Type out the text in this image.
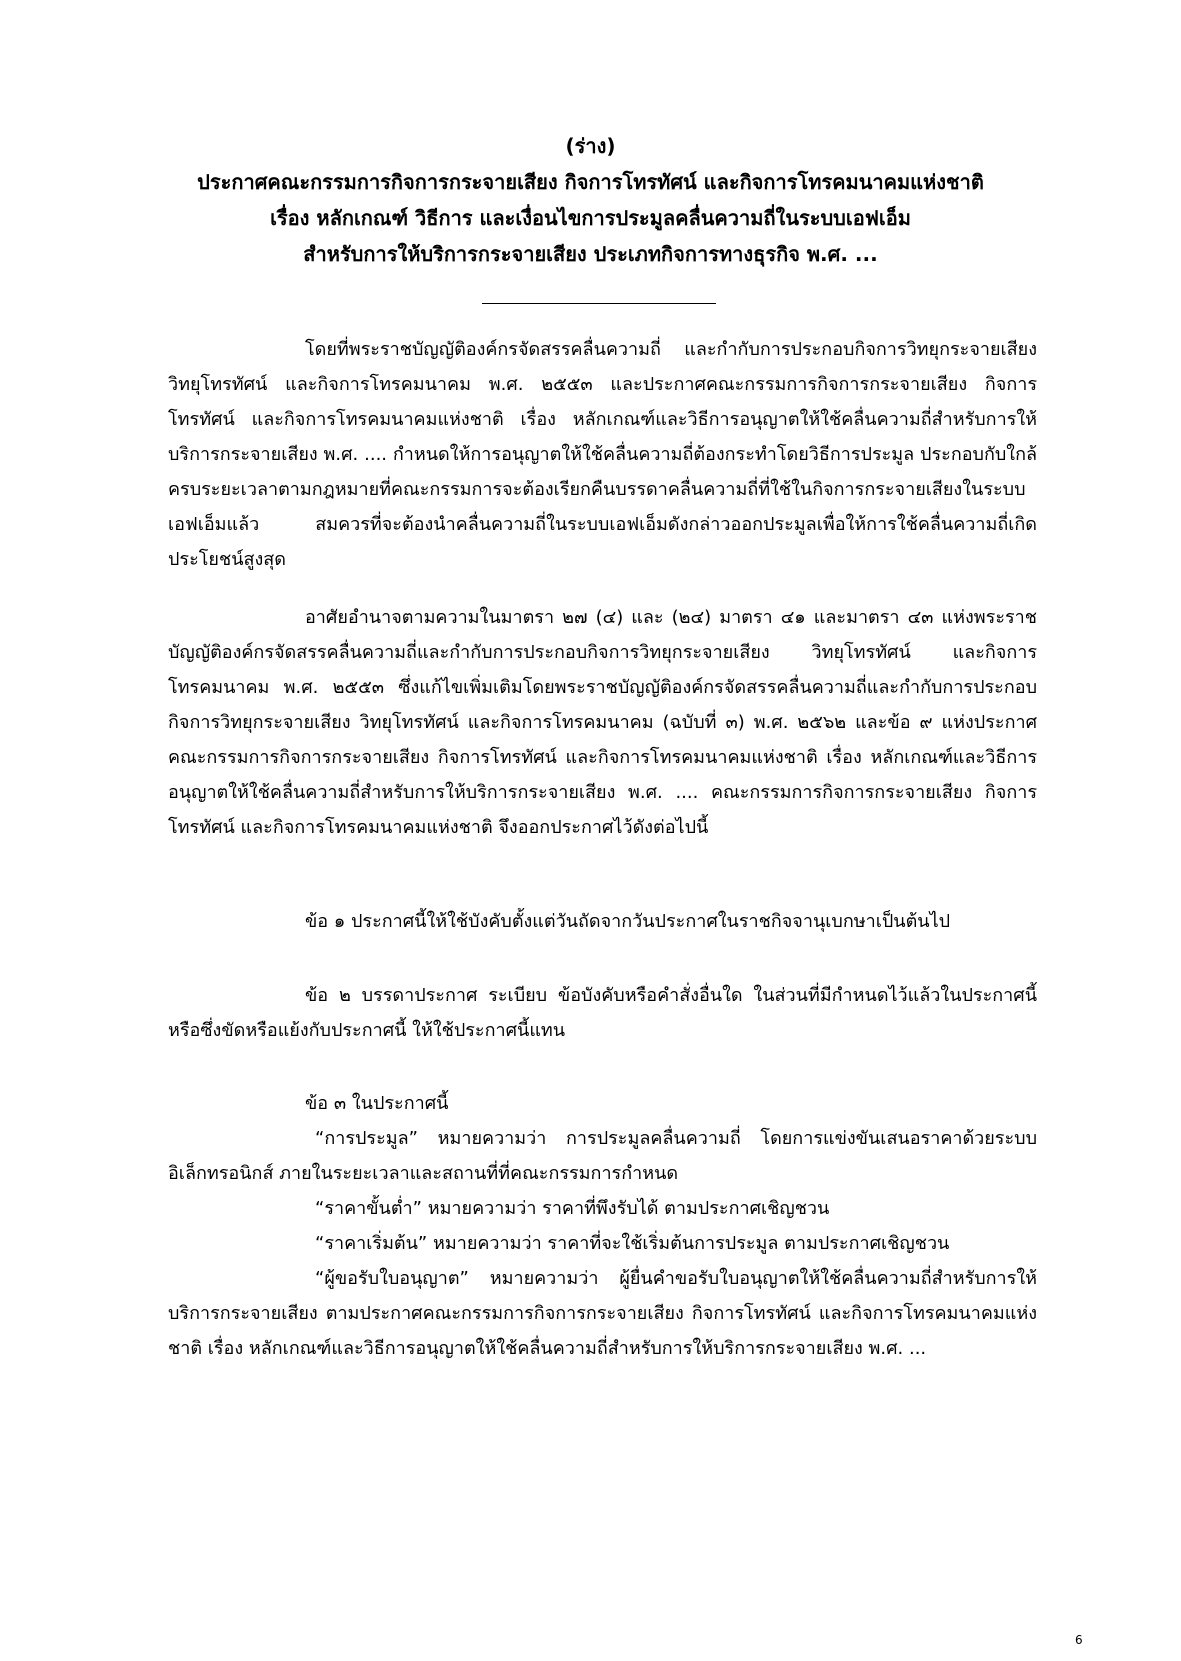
(ร่าง)
ประกาศคณะกรรมการกิจการกระจายเสียง กิจการโทรทัศน์ และกิจการโทรคมนาคมแห่งชาติ
เรื่อง หลักเกณฑ์ วิธีการ และเงื่อนไขการประมูลคลื่นความถี่ในระบบเอฟเอ็ม
สำหรับการให้บริการกระจายเสียง ประเภทกิจการทางธุรกิจ พ.ศ. ...

โดยที่พระราชบัญญัติองค์กรจัดสรรคลื่นความถี่ และกำกับการประกอบกิจการวิทยุกระจายเสียง วิทยุโทรทัศน์ และกิจการโทรคมนาคม พ.ศ. ๒๕๕๓ และประกาศคณะกรรมการกิจการกระจายเสียง กิจการโทรทัศน์ และกิจการโทรคมนาคมแห่งชาติ เรื่อง หลักเกณฑ์และวิธีการอนุญาตให้ใช้คลื่นความถี่สำหรับการให้บริการกระจายเสียง พ.ศ. .... กำหนดให้การอนุญาตให้ใช้คลื่นความถี่ต้องกระทำโดยวิธีการประมูล ประกอบกับใกล้ครบระยะเวลาตามกฎหมายที่คณะกรรมการจะต้องเรียกคืนบรรดาคลื่นความถี่ที่ใช้ในกิจการกระจายเสียงในระบบเอฟเอ็มแล้ว สมควรที่จะต้องนำคลื่นความถี่ในระบบเอฟเอ็มดังกล่าวออกประมูลเพื่อให้การใช้คลื่นความถี่เกิดประโยชน์สูงสุด

อาศัยอำนาจตามความในมาตรา ๒๗ (๔) และ (๒๔) มาตรา ๔๑ และมาตรา ๔๓ แห่งพระราชบัญญัติองค์กรจัดสรรคลื่นความถี่และกำกับการประกอบกิจการวิทยุกระจายเสียง วิทยุโทรทัศน์ และกิจการโทรคมนาคม พ.ศ. ๒๕๕๓ ซึ่งแก้ไขเพิ่มเติมโดยพระราชบัญญัติองค์กรจัดสรรคลื่นความถี่และกำกับการประกอบกิจการวิทยุกระจายเสียง วิทยุโทรทัศน์ และกิจการโทรคมนาคม (ฉบับที่ ๓) พ.ศ. ๒๕๖๒ และข้อ ๙ แห่งประกาศคณะกรรมการกิจการกระจายเสียง กิจการโทรทัศน์ และกิจการโทรคมนาคมแห่งชาติ เรื่อง หลักเกณฑ์และวิธีการอนุญาตให้ใช้คลื่นความถี่สำหรับการให้บริการกระจายเสียง พ.ศ. .... คณะกรรมการกิจการกระจายเสียง กิจการโทรทัศน์ และกิจการโทรคมนาคมแห่งชาติ จึงออกประกาศไว้ดังต่อไปนี้

ข้อ ๑ ประกาศนี้ให้ใช้บังคับตั้งแต่วันถัดจากวันประกาศในราชกิจจานุเบกษาเป็นต้นไป

ข้อ ๒ บรรดาประกาศ ระเบียบ ข้อบังคับหรือคำสั่งอื่นใด ในส่วนที่มีกำหนดไว้แล้วในประกาศนี้ หรือซึ่งขัดหรือแย้งกับประกาศนี้ ให้ใช้ประกาศนี้แทน

ข้อ ๓ ในประกาศนี้

“การประมูล” หมายความว่า การประมูลคลื่นความถี่ โดยการแข่งขันเสนอราคาด้วยระบบอิเล็กทรอนิกส์ ภายในระยะเวลาและสถานที่ที่คณะกรรมการกำหนด

“ราคาขั้นต่ำ” หมายความว่า ราคาที่พึงรับได้ ตามประกาศเชิญชวน

“ราคาเริ่มต้น” หมายความว่า ราคาที่จะใช้เริ่มต้นการประมูล ตามประกาศเชิญชวน

“ผู้ขอรับใบอนุญาต” หมายความว่า ผู้ยื่นคำขอรับใบอนุญาตให้ใช้คลื่นความถี่สำหรับการให้บริการกระจายเสียง ตามประกาศคณะกรรมการกิจการกระจายเสียง กิจการโทรทัศน์ และกิจการโทรคมนาคมแห่งชาติ เรื่อง หลักเกณฑ์และวิธีการอนุญาตให้ใช้คลื่นความถี่สำหรับการให้บริการกระจายเสียง พ.ศ. ...

6
